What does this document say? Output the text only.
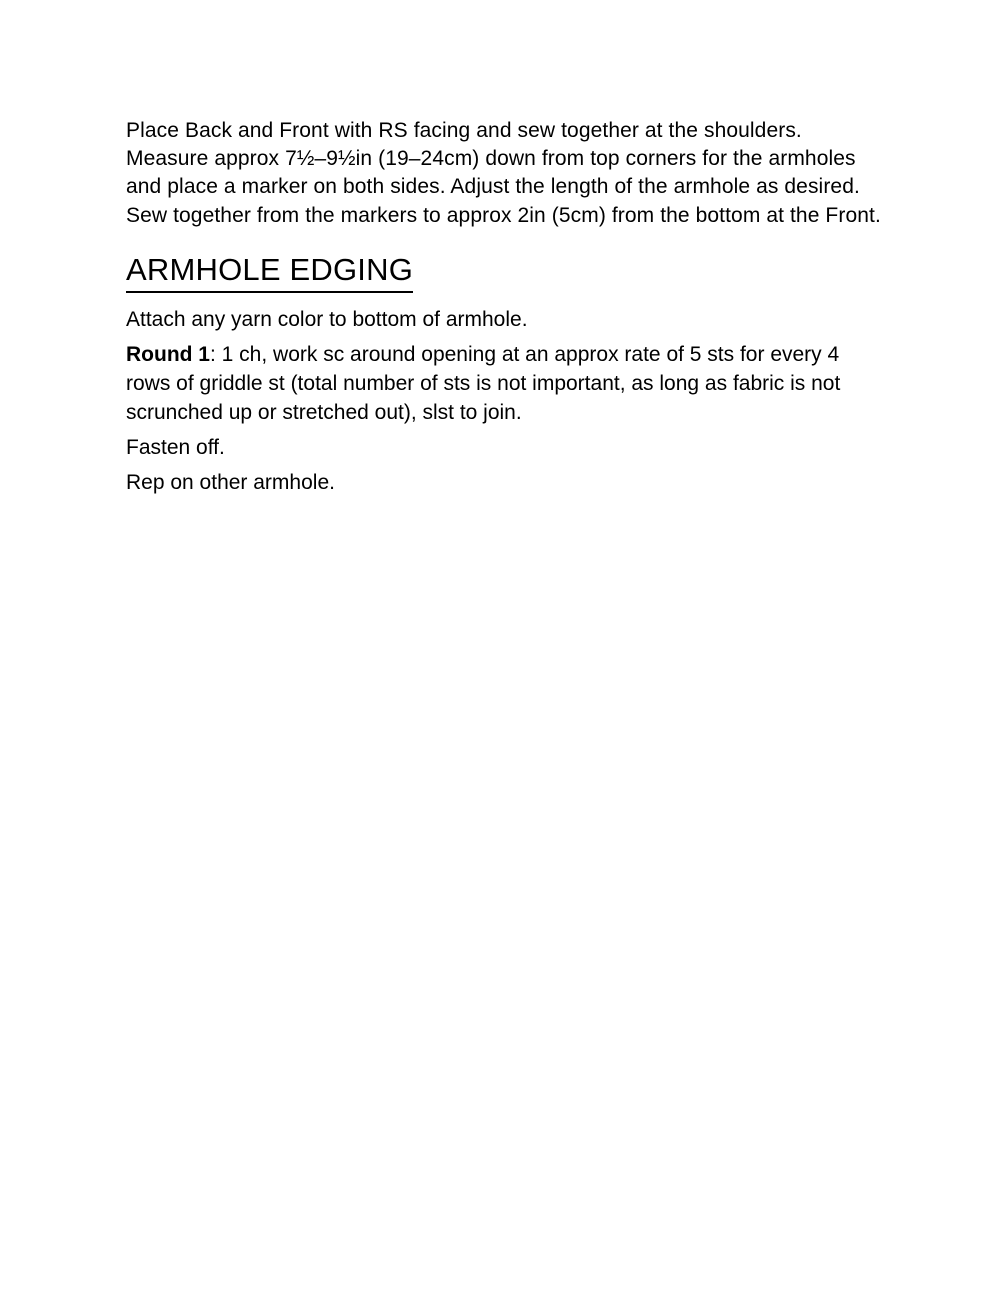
Place Back and Front with RS facing and sew together at the shoulders. Measure approx 7½–9½in (19–24cm) down from top corners for the armholes and place a marker on both sides. Adjust the length of the armhole as desired. Sew together from the markers to approx 2in (5cm) from the bottom at the Front.

ARMHOLE EDGING

Attach any yarn color to bottom of armhole.

Round 1: 1 ch, work sc around opening at an approx rate of 5 sts for every 4 rows of griddle st (total number of sts is not important, as long as fabric is not scrunched up or stretched out), slst to join.

Fasten off.

Rep on other armhole.
